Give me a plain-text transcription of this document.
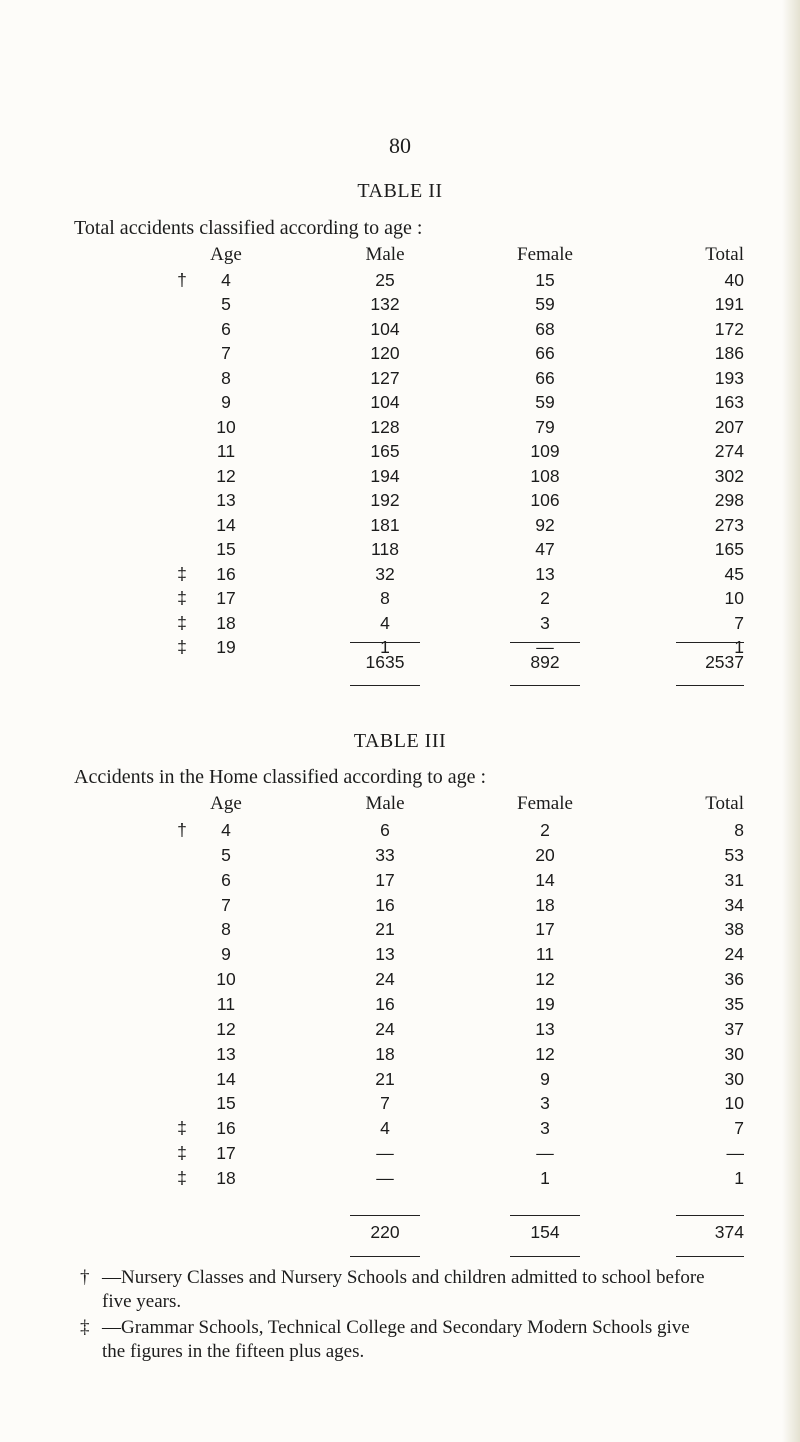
80
TABLE II
Total accidents classified according to age :
Age	Male	Female	Total
†	4	25	15	40
5	132	59	191
6	104	68	172
7	120	66	186
8	127	66	193
9	104	59	163
10	128	79	207
11	165	109	274
12	194	108	302
13	192	106	298
14	181	92	273
15	118	47	165
‡	16	32	13	45
‡	17	8	2	10
‡	18	4	3	7
‡	19	1	—	1
1635	892	2537
TABLE III
Accidents in the Home classified according to age :
Age	Male	Female	Total
†	4	6	2	8
5	33	20	53
6	17	14	31
7	16	18	34
8	21	17	38
9	13	11	24
10	24	12	36
11	16	19	35
12	24	13	37
13	18	12	30
14	21	9	30
15	7	3	10
‡	16	4	3	7
‡	17	—	—	—
‡	18	—	1	1
220	154	374
† —Nursery Classes and Nursery Schools and children admitted to school before
five years.
‡ —Grammar Schools, Technical College and Secondary Modern Schools give
the figures in the fifteen plus ages.
